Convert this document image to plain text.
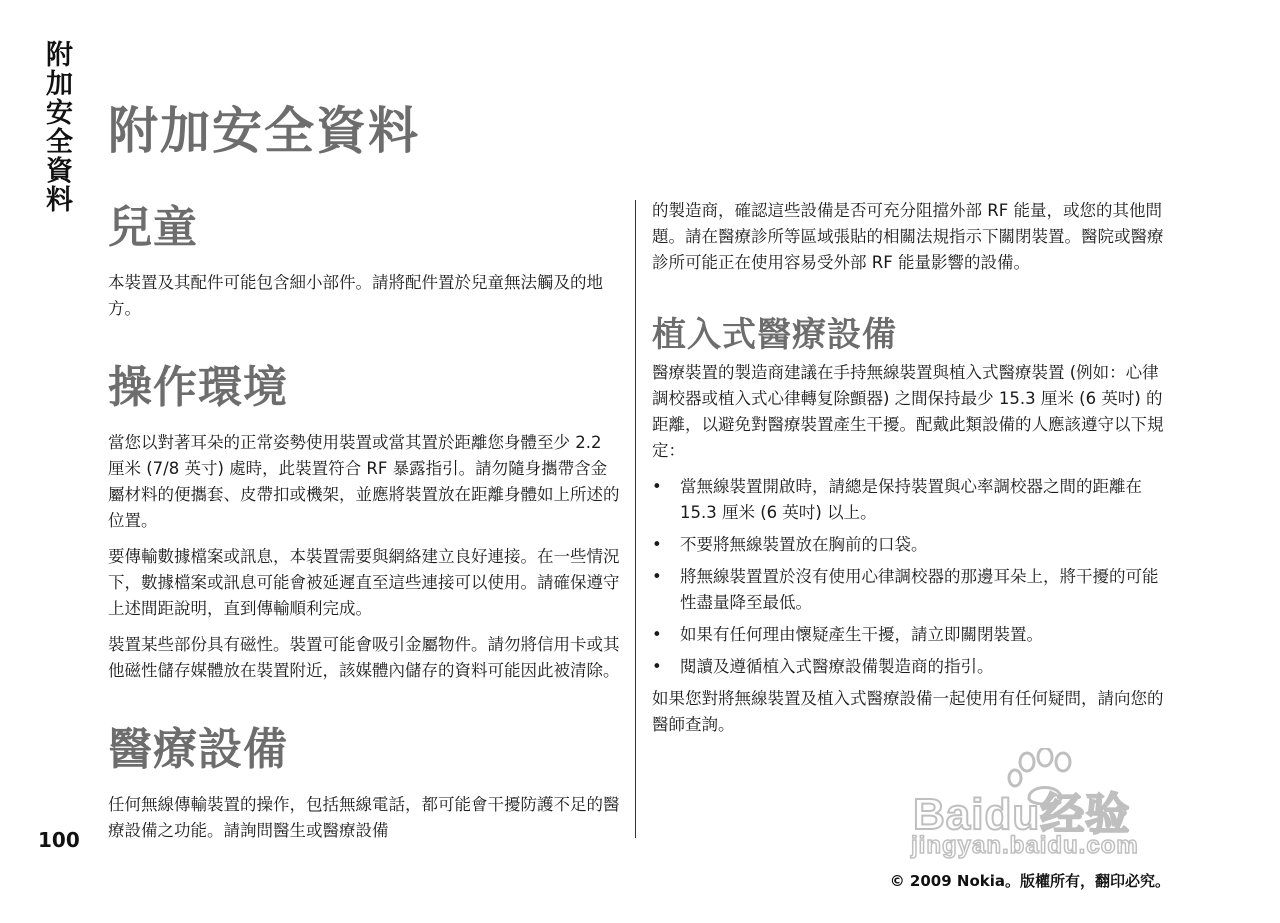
附加安全資料 附加安全資料
兒童

本裝置及其配件可能包含細小部件。請將配件置於兒童無法觸及的地方。

操作環境

當您以對著耳朵的正常姿勢使用裝置或當其置於距離您身體至少 2.2 厘米 (7/8 英寸) 處時，此裝置符合 RF 暴露指引。請勿隨身攜帶含金屬材料的便攜套、皮帶扣或機架，並應將裝置放在距離身體如上所述的位置。

要傳輸數據檔案或訊息，本裝置需要與網絡建立良好連接。在一些情況下，數據檔案或訊息可能會被延遲直至這些連接可以使用。請確保遵守上述間距說明，直到傳輸順利完成。

裝置某些部份具有磁性。裝置可能會吸引金屬物件。請勿將信用卡或其他磁性儲存媒體放在裝置附近，該媒體內儲存的資料可能因此被清除。

醫療設備

任何無線傳輸裝置的操作，包括無線電話，都可能會干擾防護不足的醫療設備之功能。請詢問醫生或醫療設備

的製造商，確認這些設備是否可充分阻擋外部 RF 能量，或您的其他問題。請在醫療診所等區域張貼的相關法規指示下關閉裝置。醫院或醫療診所可能正在使用容易受外部 RF 能量影響的設備。

植入式醫療設備

醫療裝置的製造商建議在手持無線裝置與植入式醫療裝置 (例如：心律調校器或植入式心律轉复除顫器) 之間保持最少 15.3 厘米 (6 英吋) 的距離，以避免對醫療裝置產生干擾。配戴此類設備的人應該遵守以下規定：

•	當無線裝置開啟時，請總是保持裝置與心率調校器之間的距離在 15.3 厘米 (6 英吋) 以上。
•	不要將無線裝置放在胸前的口袋。
•	將無線裝置置於沒有使用心律調校器的那邊耳朵上，將干擾的可能性盡量降至最低。
•	如果有任何理由懷疑產生干擾，請立即關閉裝置。
•	閱讀及遵循植入式醫療設備製造商的指引。

如果您對將無線裝置及植入式醫療設備一起使用有任何疑問，請向您的醫師查詢。

100
Baidu经验
jingyan.baidu.com
© 2009 Nokia。版權所有，翻印必究。
